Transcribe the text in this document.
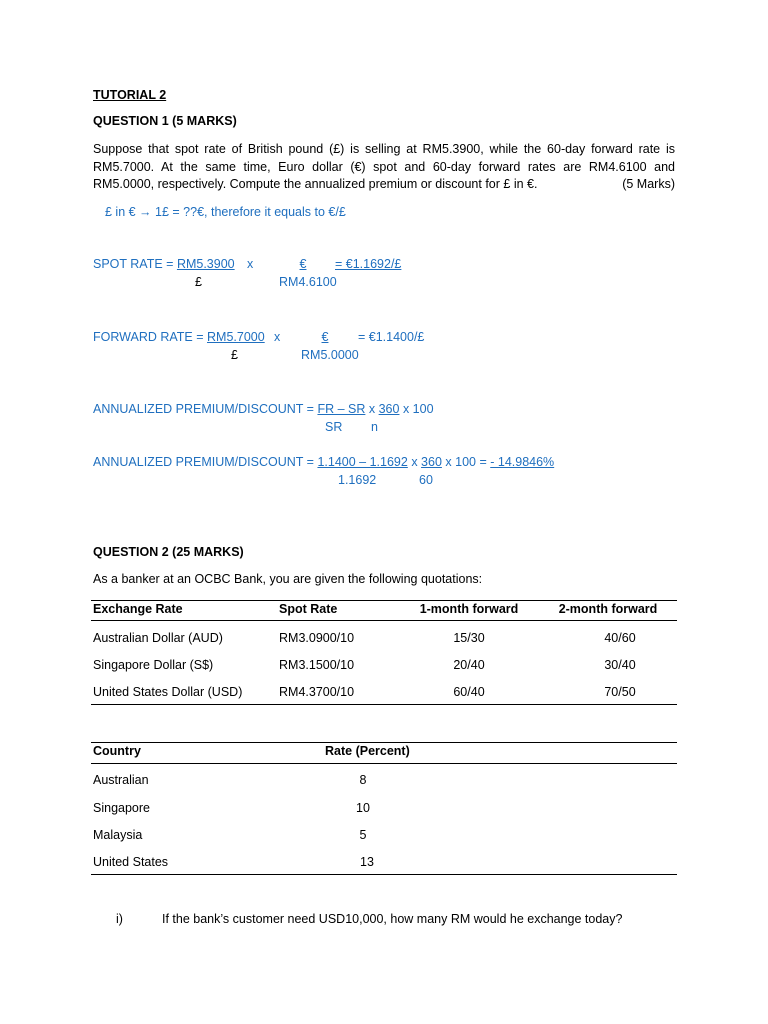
TUTORIAL 2
QUESTION 1 (5 MARKS)
Suppose that spot rate of British pound (£) is selling at RM5.3900, while the 60-day forward rate is RM5.7000. At the same time, Euro dollar (€) spot and 60-day forward rates are RM4.6100 and RM5.0000, respectively. Compute the annualized premium or discount for £ in €.	(5 Marks)
£ in € → 1£ = ??€, therefore it equals to €/£
SPOT RATE = RM5.3900 x	€	= €1.1692/£
£	RM4.6100
FORWARD RATE = RM5.7000 x	€	= €1.1400/£
£	RM5.0000
ANNUALIZED PREMIUM/DISCOUNT = FR – SR x 360 x 100
SR n
ANNUALIZED PREMIUM/DISCOUNT = 1.1400 – 1.1692 x 360 x 100 = - 14.9846%
1.1692	60
QUESTION 2 (25 MARKS)
As a banker at an OCBC Bank, you are given the following quotations:
Exchange Rate	Spot Rate	1-month forward	2-month forward
Australian Dollar (AUD)	RM3.0900/10	15/30	40/60
Singapore Dollar (S$)	RM3.1500/10	20/40	30/40
United States Dollar (USD)	RM4.3700/10	60/40	70/50
Country	Rate (Percent)
Australian	8
Singapore	10
Malaysia	5
United States	13
i)	If the bank’s customer need USD10,000, how many RM would he exchange today?
